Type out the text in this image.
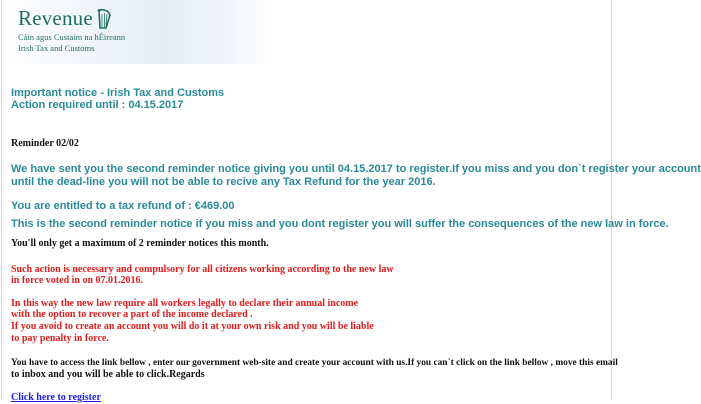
Revenue
Cáin agus Custaim na hÉireann
Irish Tax and Customs

Important notice - Irish Tax and Customs

Action required until : 04.15.2017

Reminder 02/02

We have sent you the second reminder notice giving you until 04.15.2017 to register.If you miss and you don`t register your account

until the dead-line you will not be able to recive any Tax Refund for the year 2016.

You are entitled to a tax refund of : €469.00

This is the second reminder notice if you miss and you dont register you will suffer the consequences of the new law in force.

You'll only get a maximum of 2 reminder notices this month.

Such action is necessary and compulsory for all citizens working according to the new law

in force voted in on 07.01.2016.

In this way the new law require all workers legally to declare their annual income

with the option to recover a part of the income declared .

If you avoid to create an account you will do it at your own risk and you will be liable

to pay penalty in force.

You have to access the link bellow , enter our government web-site and create your account with us.If you can`t click on the link bellow , move this email

to inbox and you will be able to click.Regards

Click here to register
